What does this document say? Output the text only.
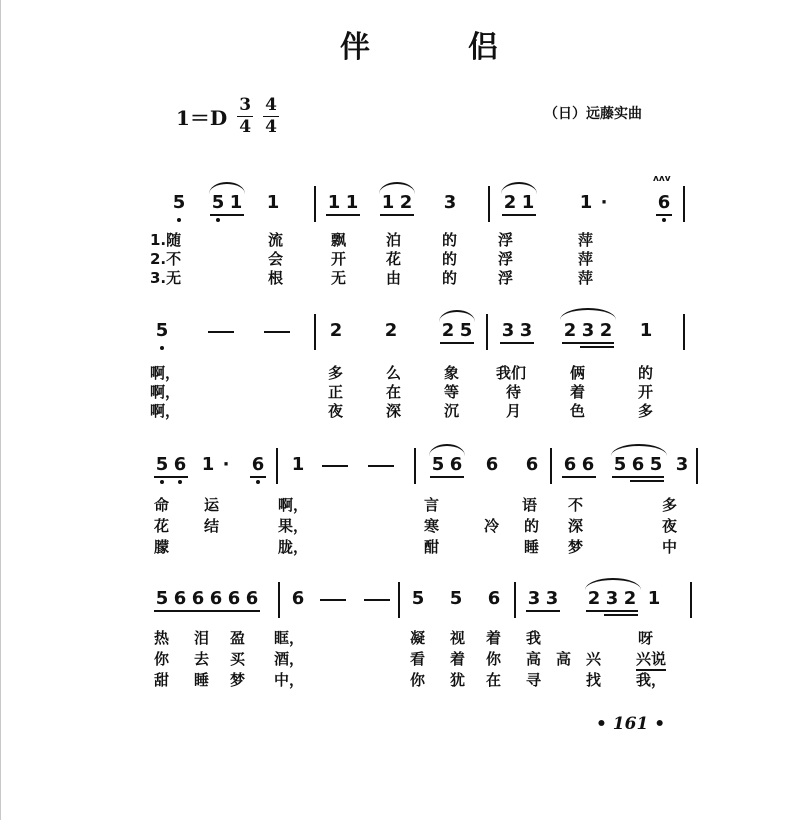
伴	侣
$1=D \frac{3}{4} \frac{4}{4}$	（日）远藤实曲
5 5 1 1	1 1 1 2 3	2 1	1 ·
ʌʌv
6
1.随	流	飘	泊	的	浮	萍
2.不	会	开	花	的	浮	萍
3.无	根	无	由	的	浮	萍
5	2 2 2 5 3 3 2 3 2 1
啊，	多	么	象 我们	俩	的
啊，	正	在	等	待	着	开
啊，	夜	深	沉	月	色	多
5 6 1 · 6 1	5 6 6 6 6 6 5 6 5 3
命 运	啊，	言	语 不	多
花 结	果，	寒	冷 的 深	夜
朦	胧，	酣	睡 梦	中
5 6 6 6 6 6 6	5 5 6 3 3 2 3 2 1
热 泪 盈 眶，	凝 视 着 我	呀
你 去 买 酒，	看 着 你 高 高 兴 兴说
甜 睡 梦 中，	你 犹 在 寻	找 我，
• 161 •
